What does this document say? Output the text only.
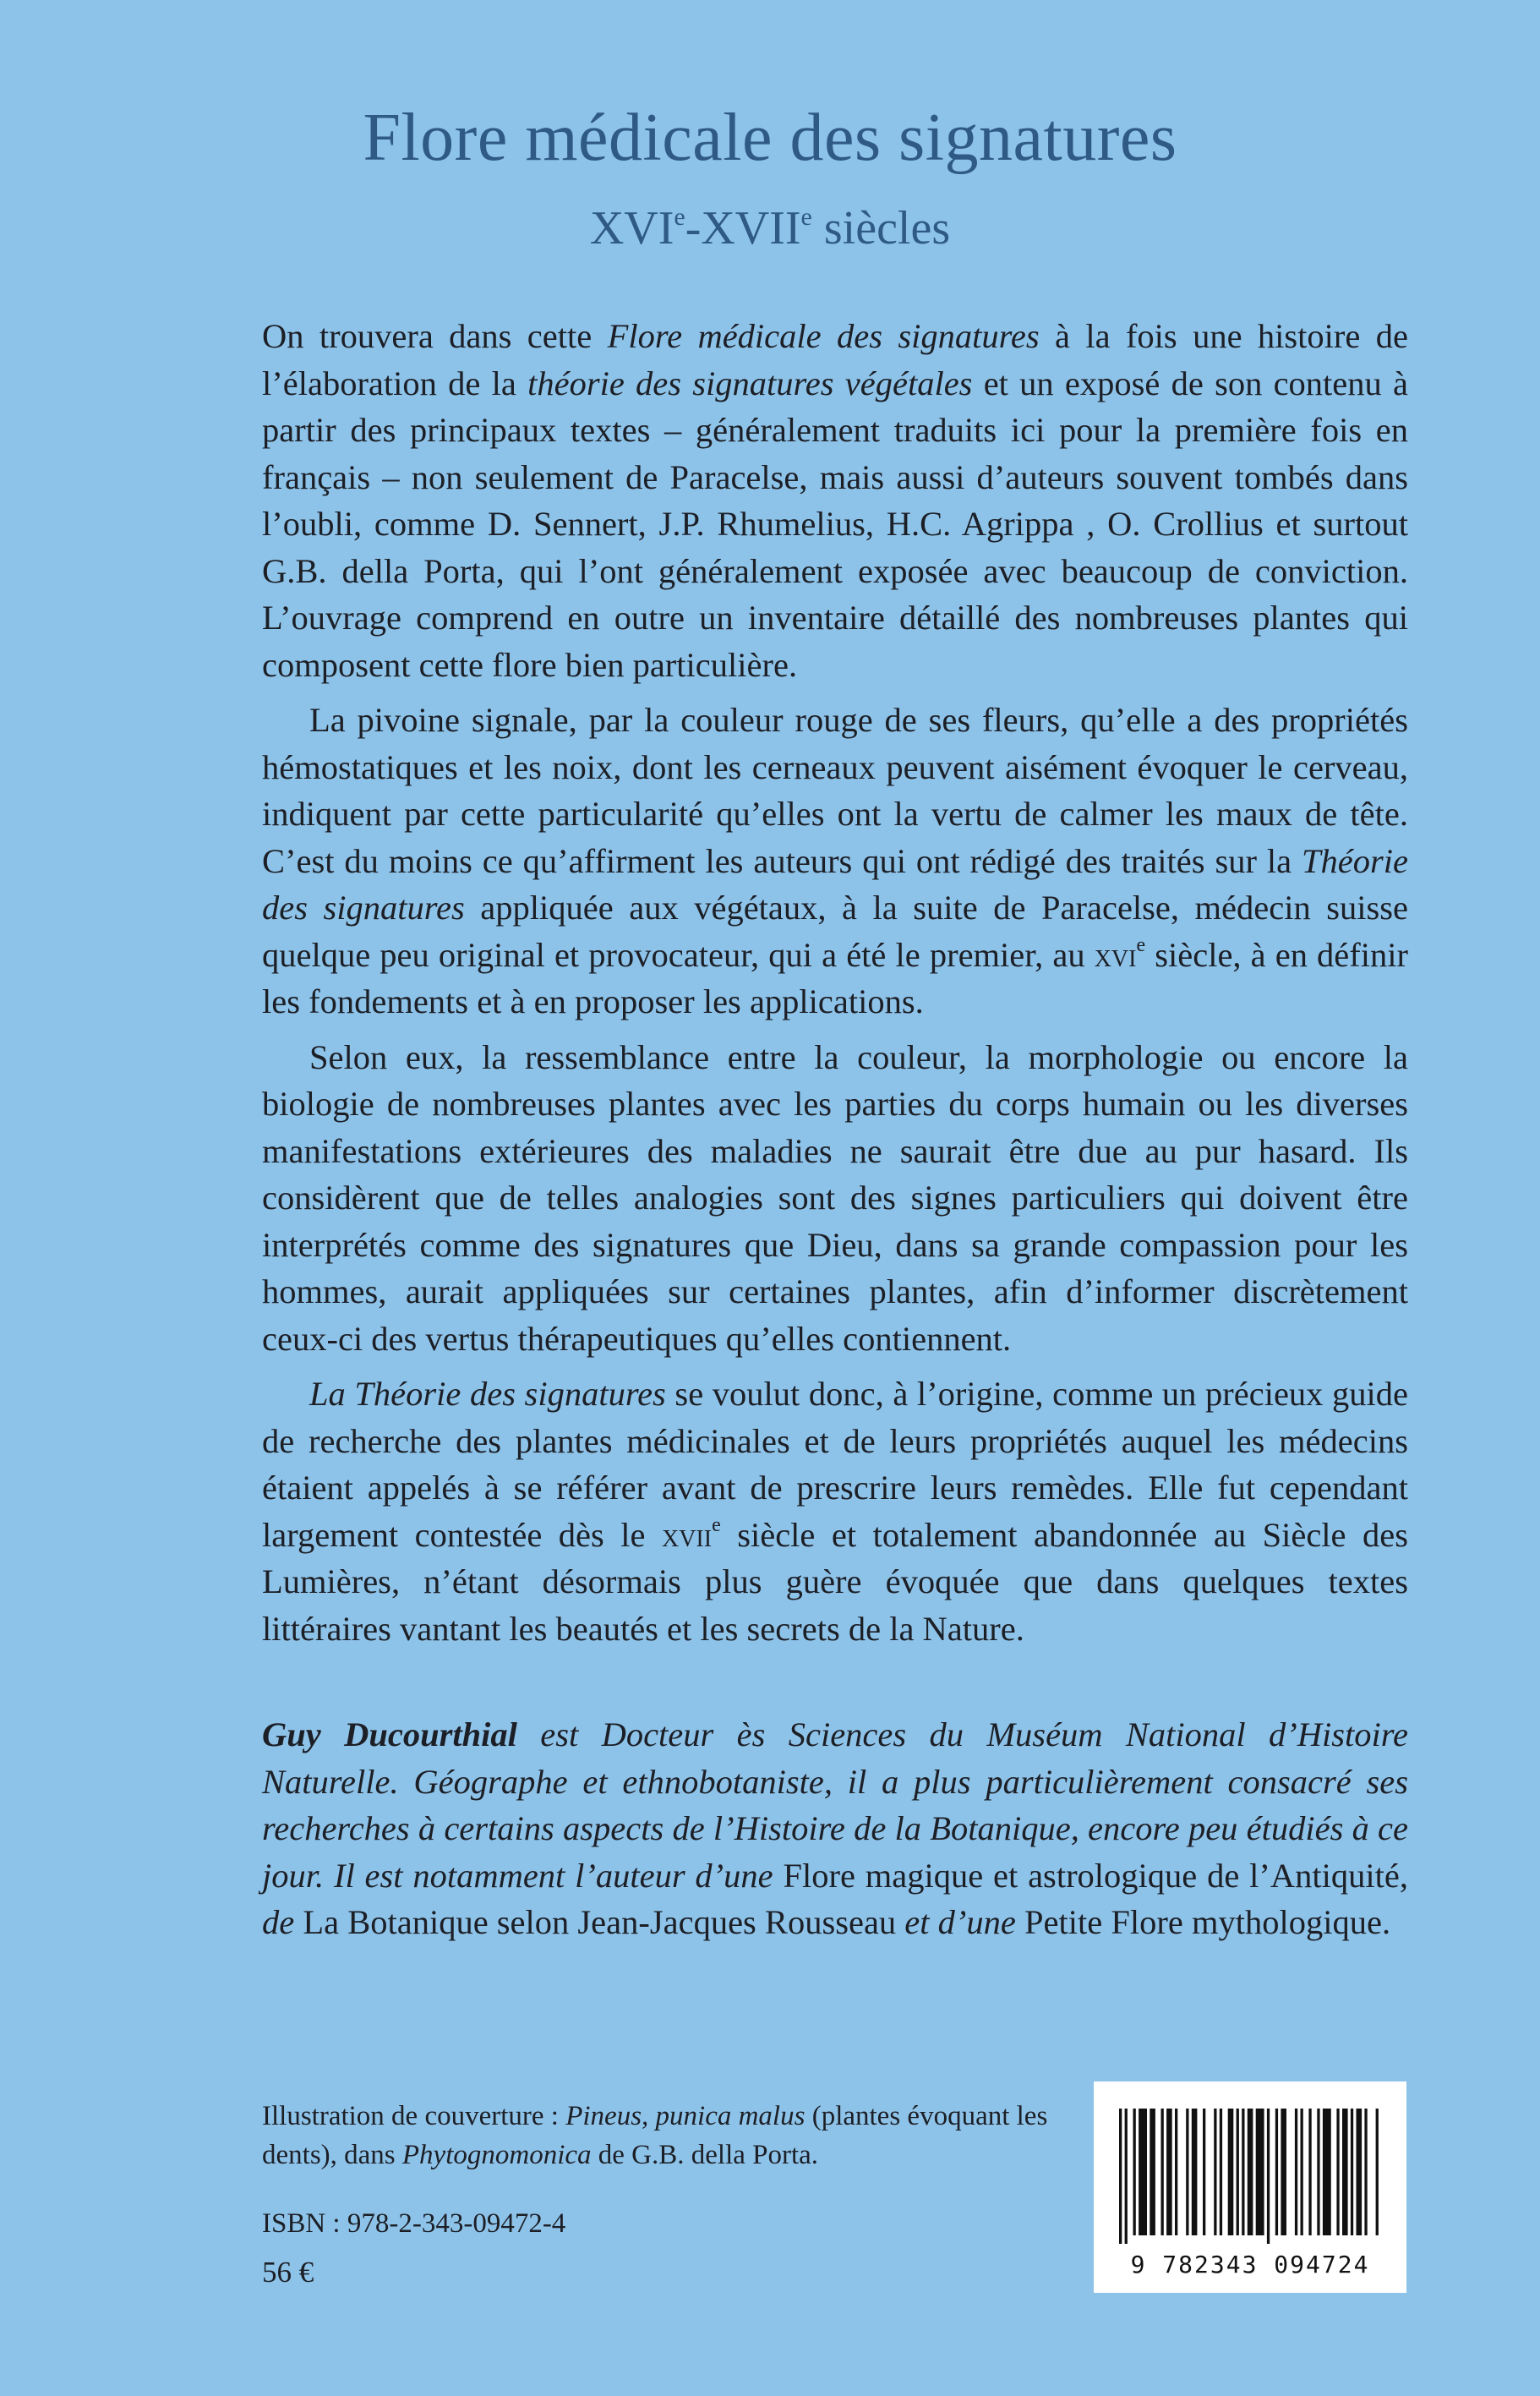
Flore médicale des signatures
XVIe-XVIIe siècles

On trouvera dans cette Flore médicale des signatures à la fois une histoire de l’élaboration de la théorie des signatures végétales et un exposé de son contenu à partir des principaux textes – généralement traduits ici pour la première fois en français – non seulement de Paracelse, mais aussi d’auteurs souvent tombés dans l’oubli, comme D. Sennert, J.P. Rhumelius, H.C. Agrippa , O. Crollius et surtout G.B. della Porta, qui l’ont généralement exposée avec beaucoup de conviction. L’ouvrage comprend en outre un inventaire détaillé des nombreuses plantes qui composent cette flore bien particulière.

La pivoine signale, par la couleur rouge de ses fleurs, qu’elle a des propriétés hémostatiques et les noix, dont les cerneaux peuvent aisément évoquer le cerveau, indiquent par cette particularité qu’elles ont la vertu de calmer les maux de tête. C’est du moins ce qu’affirment les auteurs qui ont rédigé des traités sur la Théorie des signatures appliquée aux végétaux, à la suite de Paracelse, médecin suisse quelque peu original et provocateur, qui a été le premier, au xvi$^e$ siècle, à en définir les fondements et à en proposer les applications.

Selon eux, la ressemblance entre la couleur, la morphologie ou encore la biologie de nombreuses plantes avec les parties du corps humain ou les diverses manifestations extérieures des maladies ne saurait être due au pur hasard. Ils considèrent que de telles analogies sont des signes particuliers qui doivent être interprétés comme des signatures que Dieu, dans sa grande compassion pour les hommes, aurait appliquées sur certaines plantes, afin d’informer discrètement ceux-ci des vertus thérapeutiques qu’elles contiennent.

La Théorie des signatures se voulut donc, à l’origine, comme un précieux guide de recherche des plantes médicinales et de leurs propriétés auquel les médecins étaient appelés à se référer avant de prescrire leurs remèdes. Elle fut cependant largement contestée dès le xvii$^e$ siècle et totalement abandonnée au Siècle des Lumières, n’étant désormais plus guère évoquée que dans quelques textes littéraires vantant les beautés et les secrets de la Nature.

Guy Ducourthial est Docteur ès Sciences du Muséum National d’Histoire Naturelle. Géographe et ethnobotaniste, il a plus particulièrement consacré ses recherches à certains aspects de l’Histoire de la Botanique, encore peu étudiés à ce jour. Il est notamment l’auteur d’une Flore magique et astrologique de l’Antiquité, de La Botanique selon Jean-Jacques Rousseau et d’une Petite Flore mythologique.
Illustration de couverture : Pineus, punica malus (plantes évoquant les dents), dans Phytognomonica de G.B. della Porta.
ISBN : 978-2-343-09472-4
56 €	9 782343 094724
